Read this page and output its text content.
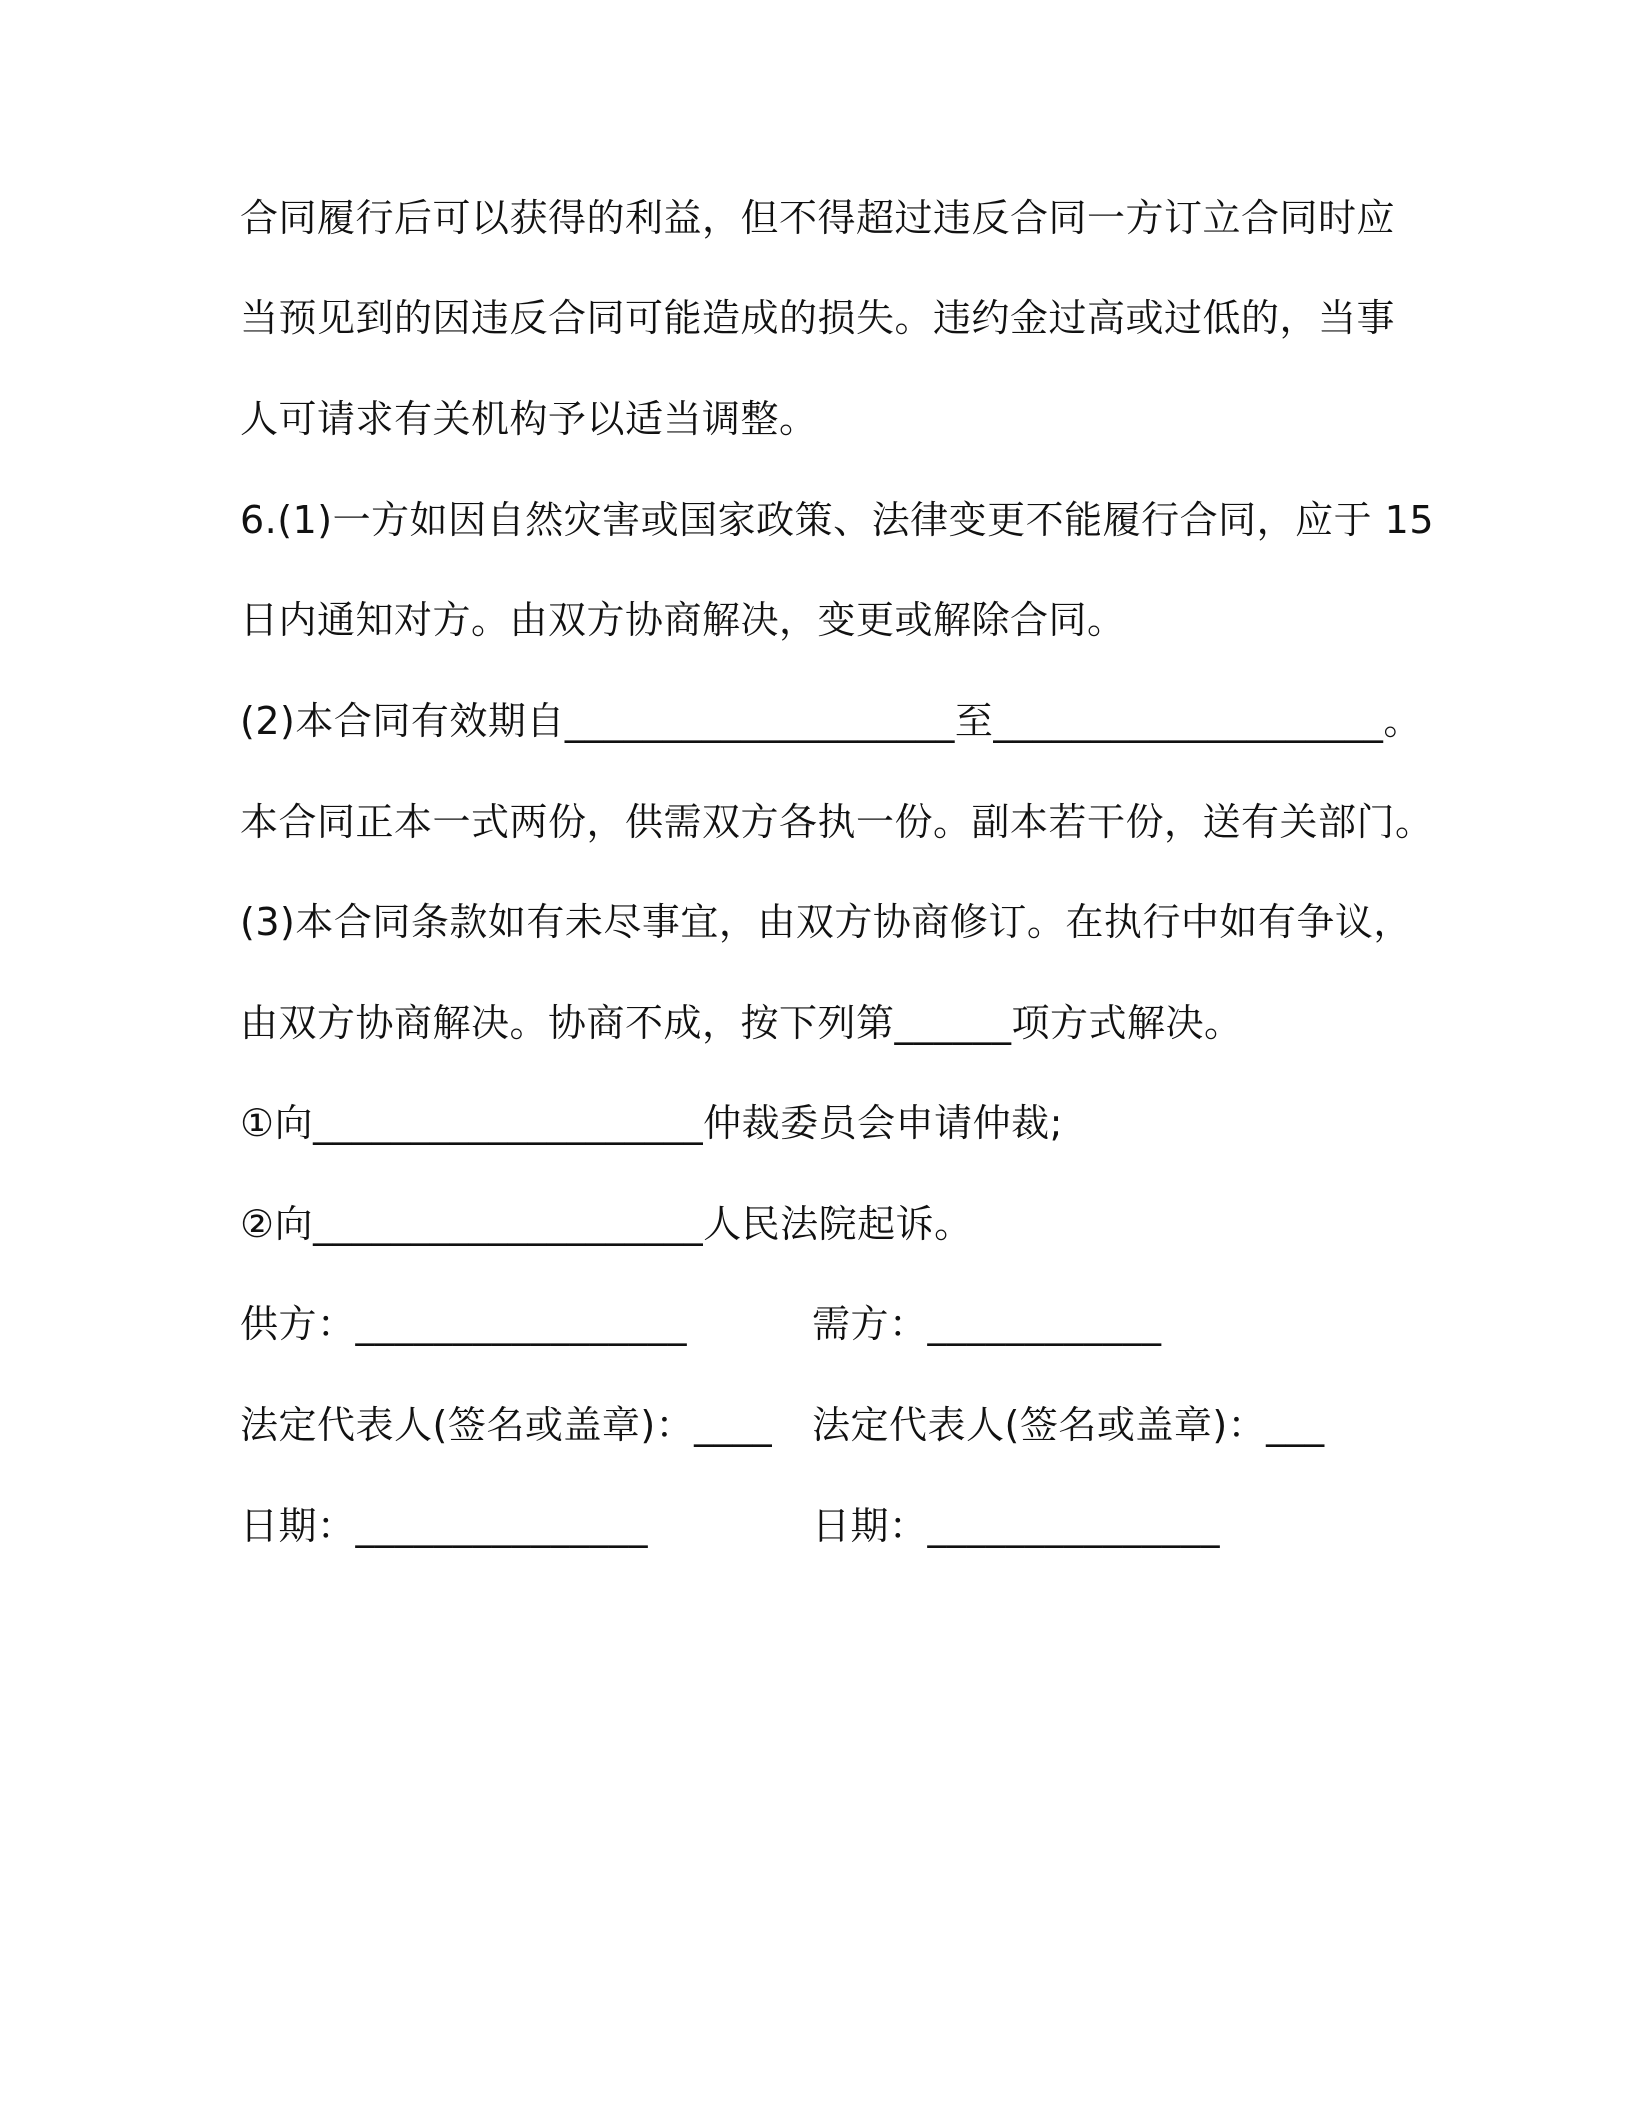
合同履行后可以获得的利益，但不得超过违反合同一方订立合同时应
当预见到的因违反合同可能造成的损失。违约金过高或过低的，当事
人可请求有关机构予以适当调整。
6.(1)一方如因自然灾害或国家政策、法律变更不能履行合同，应于 15
日内通知对方。由双方协商解决，变更或解除合同。
(2)本合同有效期自____________________至____________________。
本合同正本一式两份，供需双方各执一份。副本若干份，送有关部门。
(3)本合同条款如有未尽事宜，由双方协商修订。在执行中如有争议，
由双方协商解决。协商不成，按下列第______项方式解决。
①向____________________仲裁委员会申请仲裁;
②向____________________人民法院起诉。
供方：_________________	需方：____________
法定代表人(签名或盖章)：____ 法定代表人(签名或盖章)：___
日期：_______________	日期：_______________
